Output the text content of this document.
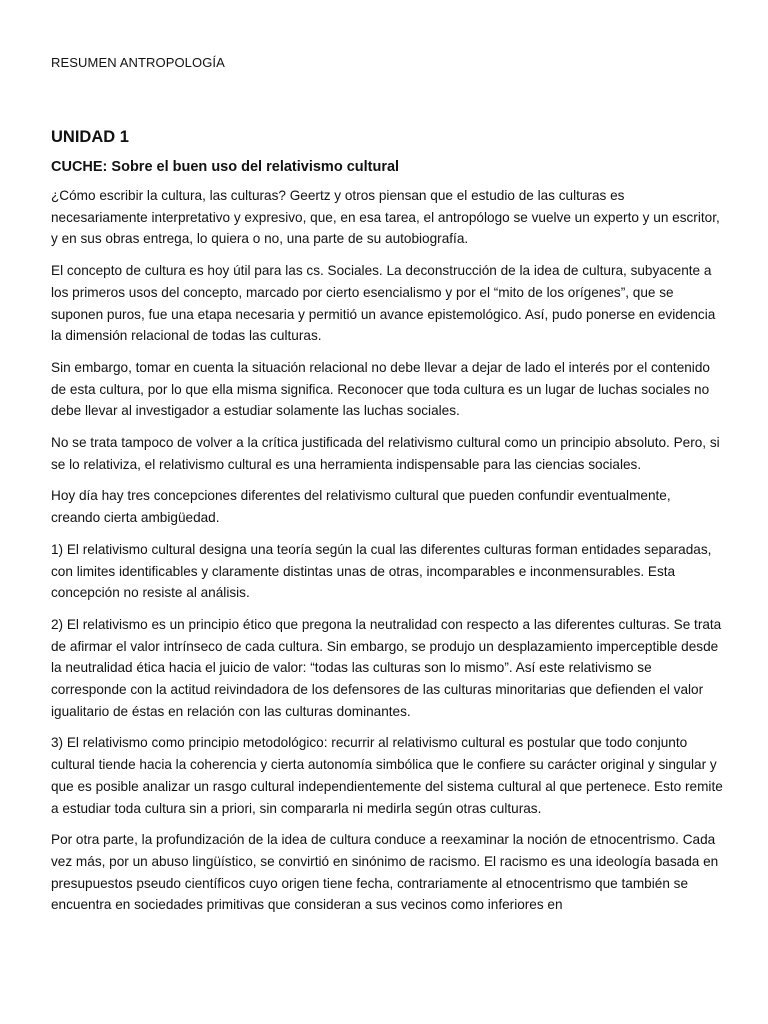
RESUMEN ANTROPOLOGÍA
UNIDAD 1
CUCHE: Sobre el buen uso del relativismo cultural

¿Cómo escribir la cultura, las culturas? Geertz y otros piensan que el estudio de las culturas es necesariamente interpretativo y expresivo, que, en esa tarea, el antropólogo se vuelve un experto y un escritor, y en sus obras entrega, lo quiera o no, una parte de su autobiografía.

El concepto de cultura es hoy útil para las cs. Sociales. La deconstrucción de la idea de cultura, subyacente a los primeros usos del concepto, marcado por cierto esencialismo y por el “mito de los orígenes”, que se suponen puros, fue una etapa necesaria y permitió un avance epistemológico. Así, pudo ponerse en evidencia la dimensión relacional de todas las culturas.

Sin embargo, tomar en cuenta la situación relacional no debe llevar a dejar de lado el interés por el contenido de esta cultura, por lo que ella misma significa. Reconocer que toda cultura es un lugar de luchas sociales no debe llevar al investigador a estudiar solamente las luchas sociales.

No se trata tampoco de volver a la crítica justificada del relativismo cultural como un principio absoluto. Pero, si se lo relativiza, el relativismo cultural es una herramienta indispensable para las ciencias sociales.

Hoy día hay tres concepciones diferentes del relativismo cultural que pueden confundir eventualmente, creando cierta ambigüedad.

1) El relativismo cultural designa una teoría según la cual las diferentes culturas forman entidades separadas, con limites identificables y claramente distintas unas de otras, incomparables e inconmensurables. Esta concepción no resiste al análisis.

2) El relativismo es un principio ético que pregona la neutralidad con respecto a las diferentes culturas. Se trata de afirmar el valor intrínseco de cada cultura. Sin embargo, se produjo un desplazamiento imperceptible desde la neutralidad ética hacia el juicio de valor: “todas las culturas son lo mismo”. Así este relativismo se corresponde con la actitud reivindadora de los defensores de las culturas minoritarias que defienden el valor igualitario de éstas en relación con las culturas dominantes.

3) El relativismo como principio metodológico: recurrir al relativismo cultural es postular que todo conjunto cultural tiende hacia la coherencia y cierta autonomía simbólica que le confiere su carácter original y singular y que es posible analizar un rasgo cultural independientemente del sistema cultural al que pertenece. Esto remite a estudiar toda cultura sin a priori, sin compararla ni medirla según otras culturas.

Por otra parte, la profundización de la idea de cultura conduce a reexaminar la noción de etnocentrismo. Cada vez más, por un abuso lingüístico, se convirtió en sinónimo de racismo. El racismo es una ideología basada en presupuestos pseudo científicos cuyo origen tiene fecha, contrariamente al etnocentrismo que también se encuentra en sociedades primitivas que consideran a sus vecinos como inferiores en
